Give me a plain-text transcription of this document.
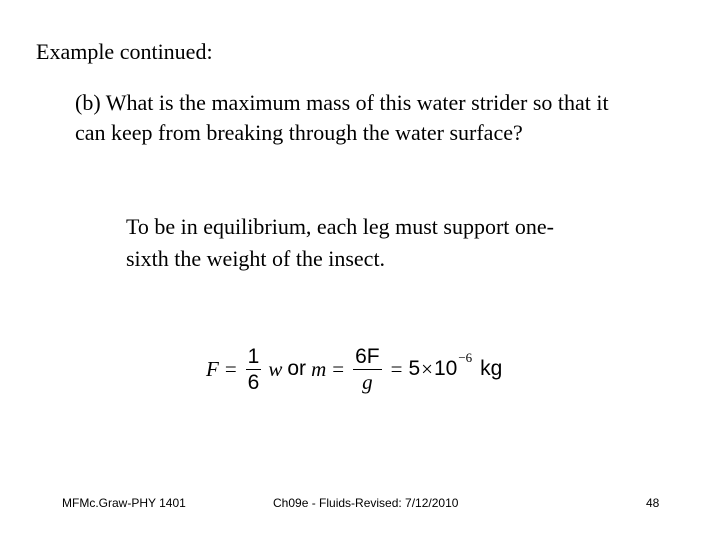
Example continued:
(b) What is the maximum mass of this water strider so that it
can keep from breaking through the water surface?
To be in equilibrium, each leg must support one-
sixth the weight of the insect.
$F = \frac{1}{6}$ w or $m = \frac{6F}{g} = 5 \times 10^{-6}$ kg
MFMc.Graw-PHY 1401	Ch09e - Fluids-Revised: 7/12/2010	48
